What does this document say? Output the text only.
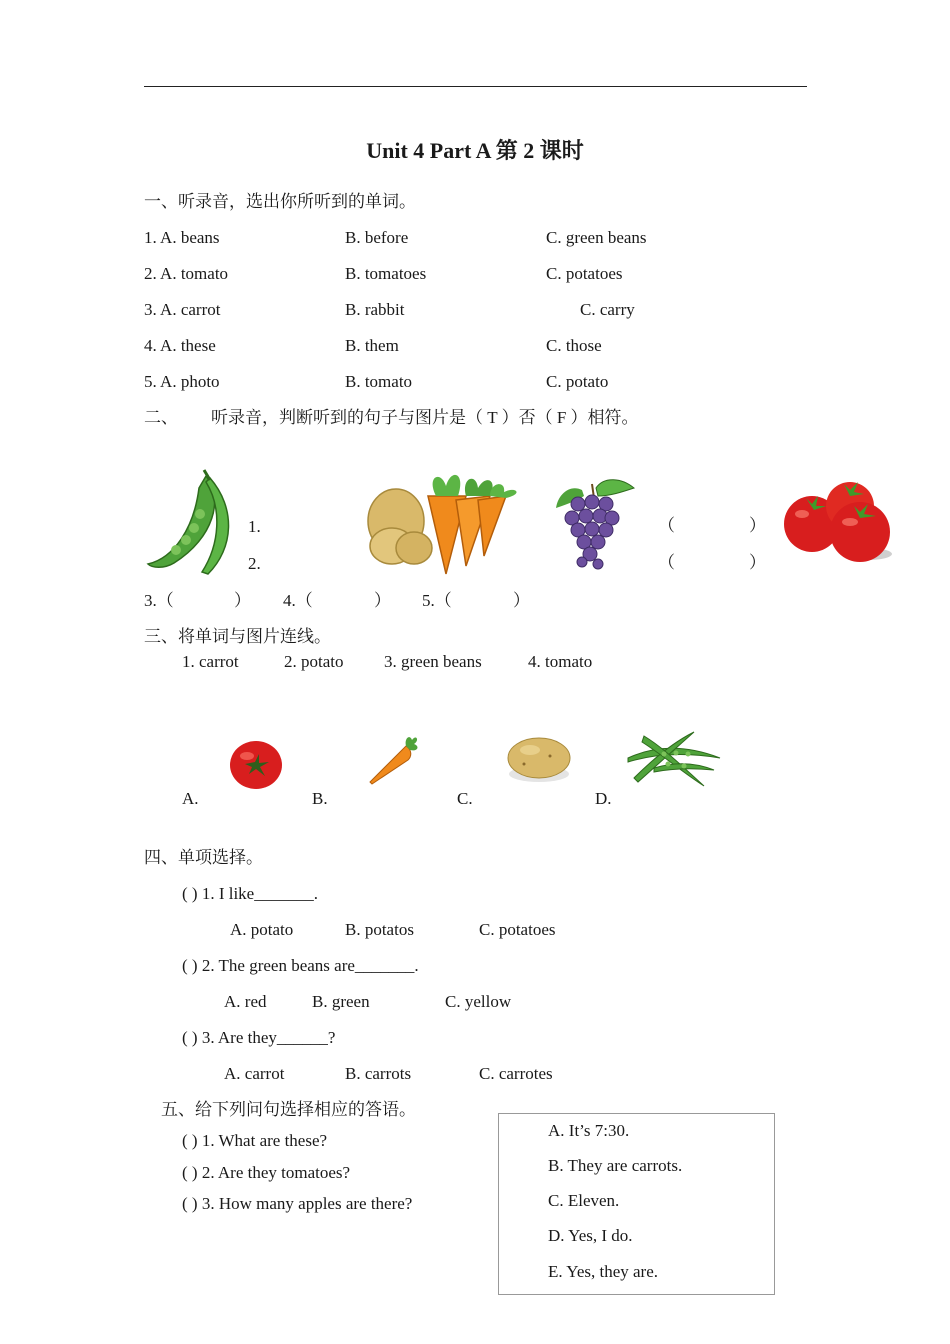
Unit 4 Part A 第 2 课时
一、听录音，选出你所听到的单词。
1. A. beans	B. before	C. green beans
2. A. tomato	B. tomatoes	C. potatoes
3. A. carrot	B. rabbit	C. carry
4. A. these	B. them	C. those
5. A. photo	B. tomato	C. potato
二、 听录音，判断听到的句子与图片是（ T ）否（ F ）相符。
1.
2.
（	）
（	）
3.（	） 4.（	） 5.（	）
三、将单词与图片连线。
1. carrot	2. potato 3. green beans	4. tomato
A.	B.	C.	D.
四、单项选择。
( ) 1. I like_______.
A. potato	B. potatos	C. potatoes
( ) 2. The green beans are_______.
A. red	B. green	C. yellow
( ) 3. Are they______?
A. carrot	B. carrots	C. carrotes
五、给下列问句选择相应的答语。
( ) 1. What are these?
( ) 2. Are they tomatoes?
( ) 3. How many apples are there?
A. It’s 7:30.
B. They are carrots.
C. Eleven.
D. Yes, I do.
E. Yes, they are.
